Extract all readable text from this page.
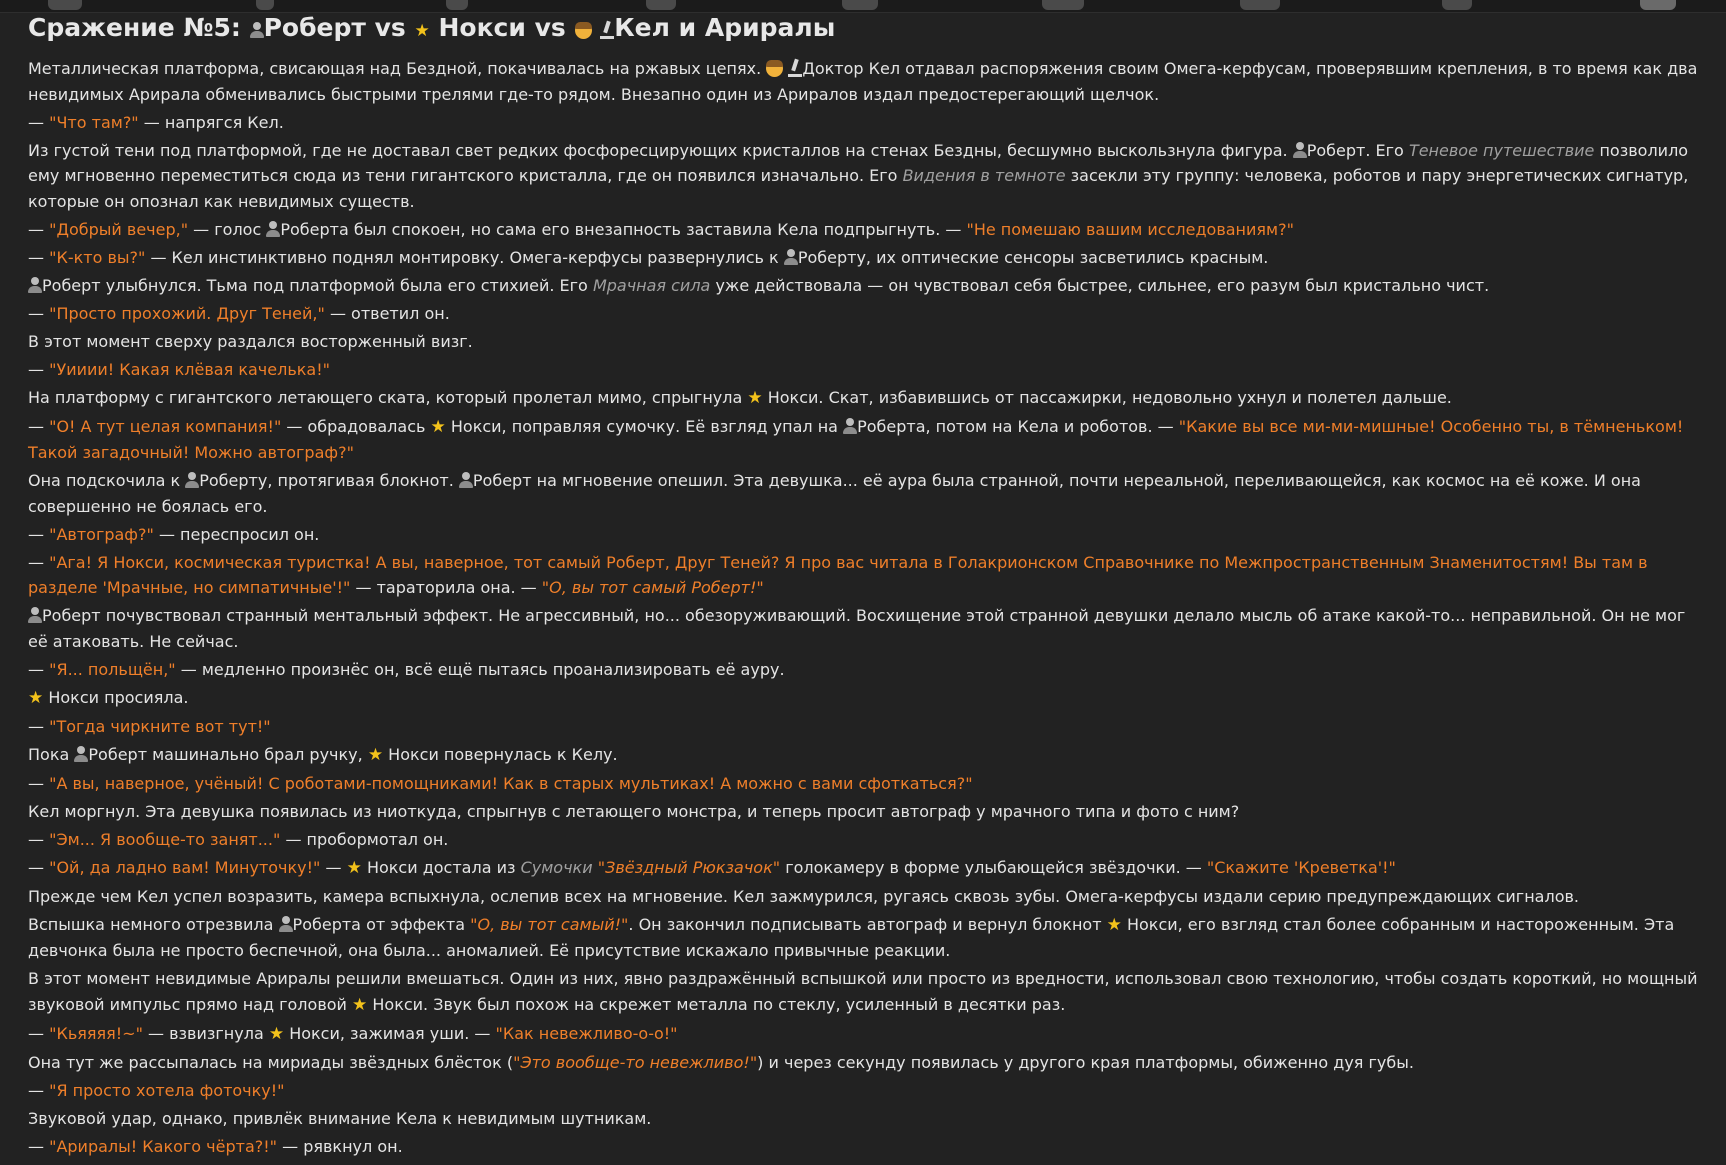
Сражение №5: Роберт vs ★ Нокси vs Кел и Ариралы

Металлическая платформа, свисающая над Бездной, покачивалась на ржавых цепях.	Доктор Кел отдавал распоряжения своим Омега-керфусам, проверявшим крепления, в то время как два невидимых Арирала обменивались быстрыми трелями где-то рядом. Внезапно один из Ариралов издал предостерегающий щелчок.

— "Что там?" — напрягся Кел.

Из густой тени под платформой, где не доставал свет редких фосфоресцирующих кристаллов на стенах Бездны, бесшумно выскользнула фигура. Роберт. Его Теневое путешествие позволило ему мгновенно переместиться сюда из тени гигантского кристалла, где он появился изначально. Его Видения в темноте засекли эту группу: человека, роботов и пару энергетических сигнатур, которые он опознал как невидимых существ.

— "Добрый вечер," — голос Роберта был спокоен, но сама его внезапность заставила Кела подпрыгнуть. — "Не помешаю вашим исследованиям?"

— "К-кто вы?" — Кел инстинктивно поднял монтировку. Омега-керфусы развернулись к Роберту, их оптические сенсоры засветились красным.

Роберт улыбнулся. Тьма под платформой была его стихией. Его Мрачная сила уже действовала — он чувствовал себя быстрее, сильнее, его разум был кристально чист.

— "Просто прохожий. Друг Теней," — ответил он.

В этот момент сверху раздался восторженный визг.

— "Уииии! Какая клёвая качелька!"

На платформу с гигантского летающего ската, который пролетал мимо, спрыгнула ★ Нокси. Скат, избавившись от пассажирки, недовольно ухнул и полетел дальше.

— "О! А тут целая компания!" — обрадовалась ★ Нокси, поправляя сумочку. Её взгляд упал на Роберта, потом на Кела и роботов. — "Какие вы все ми-ми-мишные! Особенно ты, в тёмненьком! Такой загадочный! Можно автограф?"

Она подскочила к Роберту, протягивая блокнот. Роберт на мгновение опешил. Эта девушка... её аура была странной, почти нереальной, переливающейся, как космос на её коже. И она совершенно не боялась его.

— "Автограф?" — переспросил он.

— "Ага! Я Нокси, космическая туристка! А вы, наверное, тот самый Роберт, Друг Теней? Я про вас читала в Голакрионском Справочнике по Межпространственным Знаменитостям! Вы там в разделе 'Мрачные, но симпатичные'!" — тараторила она. — "О, вы тот самый Роберт!"

Роберт почувствовал странный ментальный эффект. Не агрессивный, но... обезоруживающий. Восхищение этой странной девушки делало мысль об атаке какой-то... неправильной. Он не мог её атаковать. Не сейчас.

— "Я... польщён," — медленно произнёс он, всё ещё пытаясь проанализировать её ауру.

★ Нокси просияла.

— "Тогда чиркните вот тут!"

Пока Роберт машинально брал ручку, ★ Нокси повернулась к Келу.

— "А вы, наверное, учёный! С роботами-помощниками! Как в старых мультиках! А можно с вами сфоткаться?"

Кел моргнул. Эта девушка появилась из ниоткуда, спрыгнув с летающего монстра, и теперь просит автограф у мрачного типа и фото с ним?

— "Эм... Я вообще-то занят..." — пробормотал он.

— "Ой, да ладно вам! Минуточку!" — ★ Нокси достала из Сумочки "Звёздный Рюкзачок" голокамеру в форме улыбающейся звёздочки. — "Скажите 'Креветка'!"

Прежде чем Кел успел возразить, камера вспыхнула, ослепив всех на мгновение. Кел зажмурился, ругаясь сквозь зубы. Омега-керфусы издали серию предупреждающих сигналов.

Вспышка немного отрезвила Роберта от эффекта "О, вы тот самый!". Он закончил подписывать автограф и вернул блокнот ★ Нокси, его взгляд стал более собранным и настороженным. Эта девчонка была не просто беспечной, она была... аномалией. Её присутствие искажало привычные реакции.

В этот момент невидимые Ариралы решили вмешаться. Один из них, явно раздражённый вспышкой или просто из вредности, использовал свою технологию, чтобы создать короткий, но мощный звуковой импульс прямо над головой ★ Нокси. Звук был похож на скрежет металла по стеклу, усиленный в десятки раз.

— "Кьяяяя!~" — взвизгнула ★ Нокси, зажимая уши. — "Как невежливо-о-о!"

Она тут же рассыпалась на мириады звёздных блёсток ("Это вообще-то невежливо!") и через секунду появилась у другого края платформы, обиженно дуя губы.

— "Я просто хотела фоточку!"

Звуковой удар, однако, привлёк внимание Кела к невидимым шутникам.

— "Ариралы! Какого чёрта?!" — рявкнул он.
